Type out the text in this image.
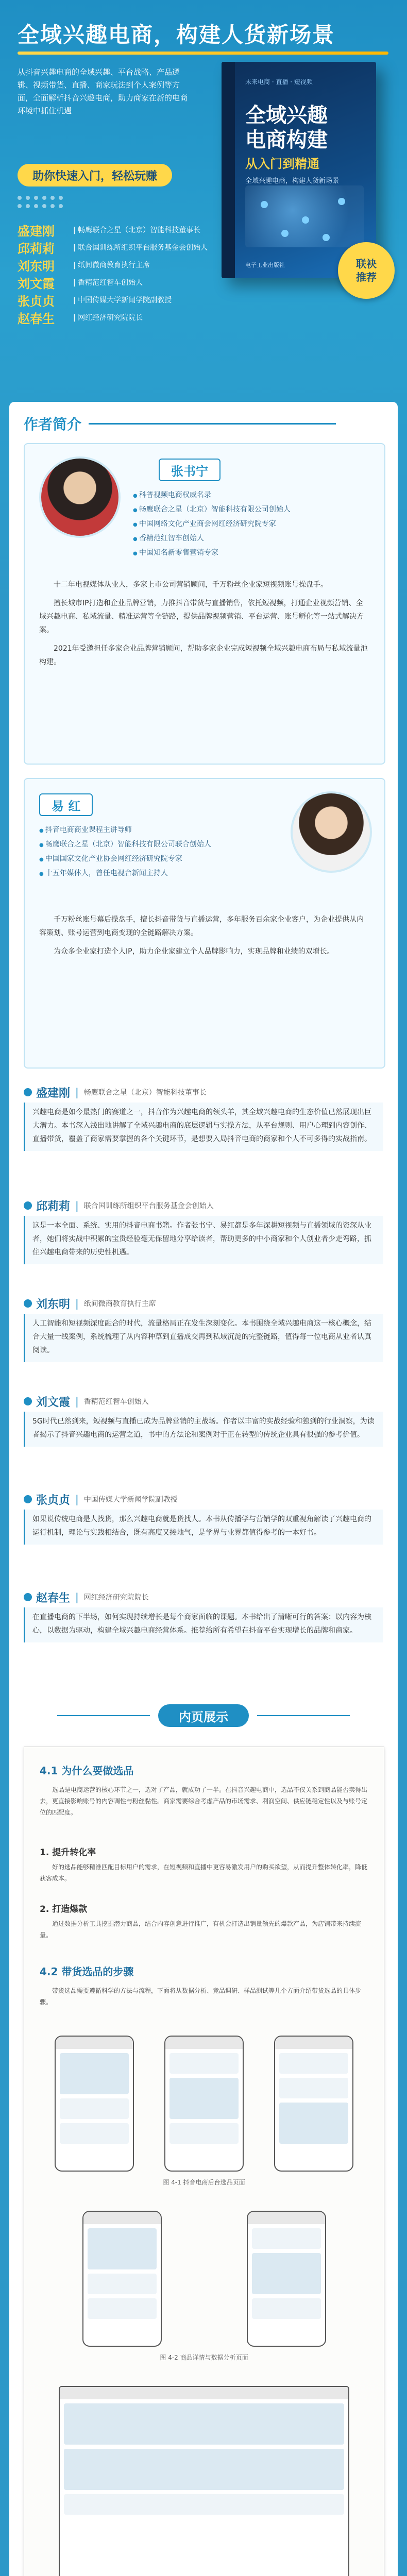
全域兴趣电商，构建人货新场景
从抖音兴趣电商的全域兴趣、平台战略、产品逻辑、视频带货、直播、商家玩法到个人案例等方面，全面解析抖音兴趣电商，助力商家在新的电商环境中抓住机遇
助你快速入门，轻松玩赚
未来电商 · 直播 · 短视频
全域兴趣
电商构建
从入门到精通
全域兴趣电商，构建人货新场景
电子工业出版社
盛建刚	| 畅鹰联合之星（北京）智能科技董事长
邱莉莉	| 联合国训练所组织平台服务基金会创始人
刘东明	| 纸间微商教育执行主席
刘文霞	| 香精范红智车创始人
张贞贞	| 中国传媒大学新闻学院副教授
赵春生	| 网红经济研究院院长
联袂
推荐
作者简介
张书宁
● 科普视频电商权威名录
● 畅鹰联合之星（北京）智能科技有限公司创始人
● 中国网络文化产业商会网红经济研究院专家
● 香精范红智车创始人
● 中国知名新零售营销专家

十二年电视媒体从业人，多家上市公司营销顾问，千万粉丝企业家短视频账号操盘手。

擅长城市IP打造和企业品牌营销，力推抖音带货与直播销售，依托短视频，打通企业视频营销、全域兴趣电商、私域流量、精准运营等全链路，提供品牌视频营销、平台运营、账号孵化等一站式解决方案。

2021年受邀担任多家企业品牌营销顾问，帮助多家企业完成短视频全域兴趣电商布局与私域流量池构建。

易 红
● 抖音电商商业课程主讲导师
● 畅鹰联合之星（北京）智能科技有限公司联合创始人
● 中国国家文化产业协会网红经济研究院专家
● 十五年媒体人，曾任电视台新闻主持人

千万粉丝账号幕后操盘手，擅长抖音带货与直播运营，多年服务百余家企业客户，为企业提供从内容策划、账号运营到电商变现的全链路解决方案。

为众多企业家打造个人IP，助力企业家建立个人品牌影响力，实现品牌和业绩的双增长。

盛建刚 | 畅鹰联合之星（北京）智能科技董事长
兴趣电商是如今最热门的赛道之一，抖音作为兴趣电商的领头羊，其全域兴趣电商的生态价值已然展现出巨大潜力。本书深入浅出地讲解了全域兴趣电商的底层逻辑与实操方法，从平台规则、用户心理到内容创作、直播带货，覆盖了商家需要掌握的各个关键环节，是想要入局抖音电商的商家和个人不可多得的实战指南。
邱莉莉 | 联合国训练所组织平台服务基金会创始人
这是一本全面、系统、实用的抖音电商书籍。作者张书宁、易红都是多年深耕短视频与直播领域的资深从业者，她们将实战中积累的宝贵经验毫无保留地分享给读者，帮助更多的中小商家和个人创业者少走弯路，抓住兴趣电商带来的历史性机遇。
刘东明 | 纸间微商教育执行主席
人工智能和短视频深度融合的时代，流量格局正在发生深刻变化。本书围绕全域兴趣电商这一核心概念，结合大量一线案例，系统梳理了从内容种草到直播成交再到私域沉淀的完整链路，值得每一位电商从业者认真阅读。
刘文霞 | 香精范红智车创始人
5G时代已然到来，短视频与直播已成为品牌营销的主战场。作者以丰富的实战经验和独到的行业洞察，为读者揭示了抖音兴趣电商的运营之道，书中的方法论和案例对于正在转型的传统企业具有很强的参考价值。
张贞贞 | 中国传媒大学新闻学院副教授
如果说传统电商是人找货，那么兴趣电商就是货找人。本书从传播学与营销学的双重视角解读了兴趣电商的运行机制，理论与实践相结合，既有高度又接地气，是学界与业界都值得参考的一本好书。
赵春生 | 网红经济研究院院长
在直播电商的下半场，如何实现持续增长是每个商家面临的课题。本书给出了清晰可行的答案：以内容为核心，以数据为驱动，构建全域兴趣电商经营体系。推荐给所有希望在抖音平台实现增长的品牌和商家。
内页展示
4.1 为什么要做选品

选品是电商运营的核心环节之一，选对了产品，就成功了一半。在抖音兴趣电商中，选品不仅关系到商品能否卖得出去，更直接影响账号的内容调性与粉丝黏性。商家需要综合考虑产品的市场需求、利润空间、供应链稳定性以及与账号定位的匹配度。

1. 提升转化率

好的选品能够精准匹配目标用户的需求，在短视频和直播中更容易激发用户的购买欲望，从而提升整体转化率，降低获客成本。

2. 打造爆款

通过数据分析工具挖掘潜力商品，结合内容创意进行推广，有机会打造出销量领先的爆款产品，为店铺带来持续流量。

4.2 带货选品的步骤

带货选品需要遵循科学的方法与流程，下面将从数据分析、竞品调研、样品测试等几个方面介绍带货选品的具体步骤。

图 4-1 抖音电商后台选品页面
图 4-2 商品详情与数据分析页面
